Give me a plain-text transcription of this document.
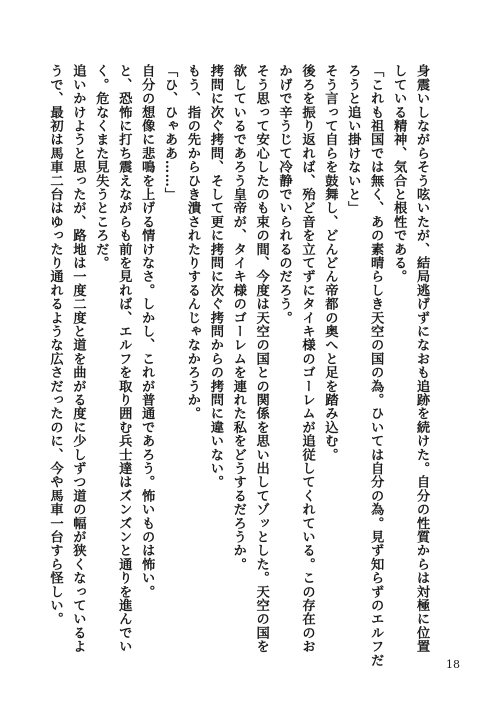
身震いしながらそう呟いたが、結局逃げずになおも追跡を続けた。自分の性質からは対極に位置
している精神、気合と根性である。
「これも祖国では無く、あの素晴らしき天空の国の為。ひいては自分の為。見ず知らずのエルフだ
ろうと追い掛けないと」
そう言って自らを鼓舞し、どんどん帝都の奥へと足を踏み込む。
後ろを振り返れば、殆ど音を立てずにタイキ様のゴーレムが追従してくれている。この存在のお
かげで辛うじて冷静でいられるのだろう。
そう思って安心したのも束の間、今度は天空の国との関係を思い出してゾッとした。天空の国を
欲しているであろう皇帝が、タイキ様のゴーレムを連れた私をどうするだろうか。
拷問に次ぐ拷問、そして更に拷問に次ぐ拷問からの拷問に違いない。
もう、指の先からひき潰されたりするんじゃなかろうか。
「ひ、ひゃああ……」
自分の想像に悲鳴を上げる情けなさ。しかし、これが普通であろう。怖いものは怖い。
と、恐怖に打ち震えながらも前を見れば、エルフを取り囲む兵士達はズンズンと通りを進んでい
く。危なくまた見失うところだ。
追いかけようと思ったが、路地は一度二度と道を曲がる度に少しずつ道の幅が狭くなっているよ
うで、最初は馬車二台はゆったり通れるような広さだったのに、今や馬車一台すら怪しい。
18
